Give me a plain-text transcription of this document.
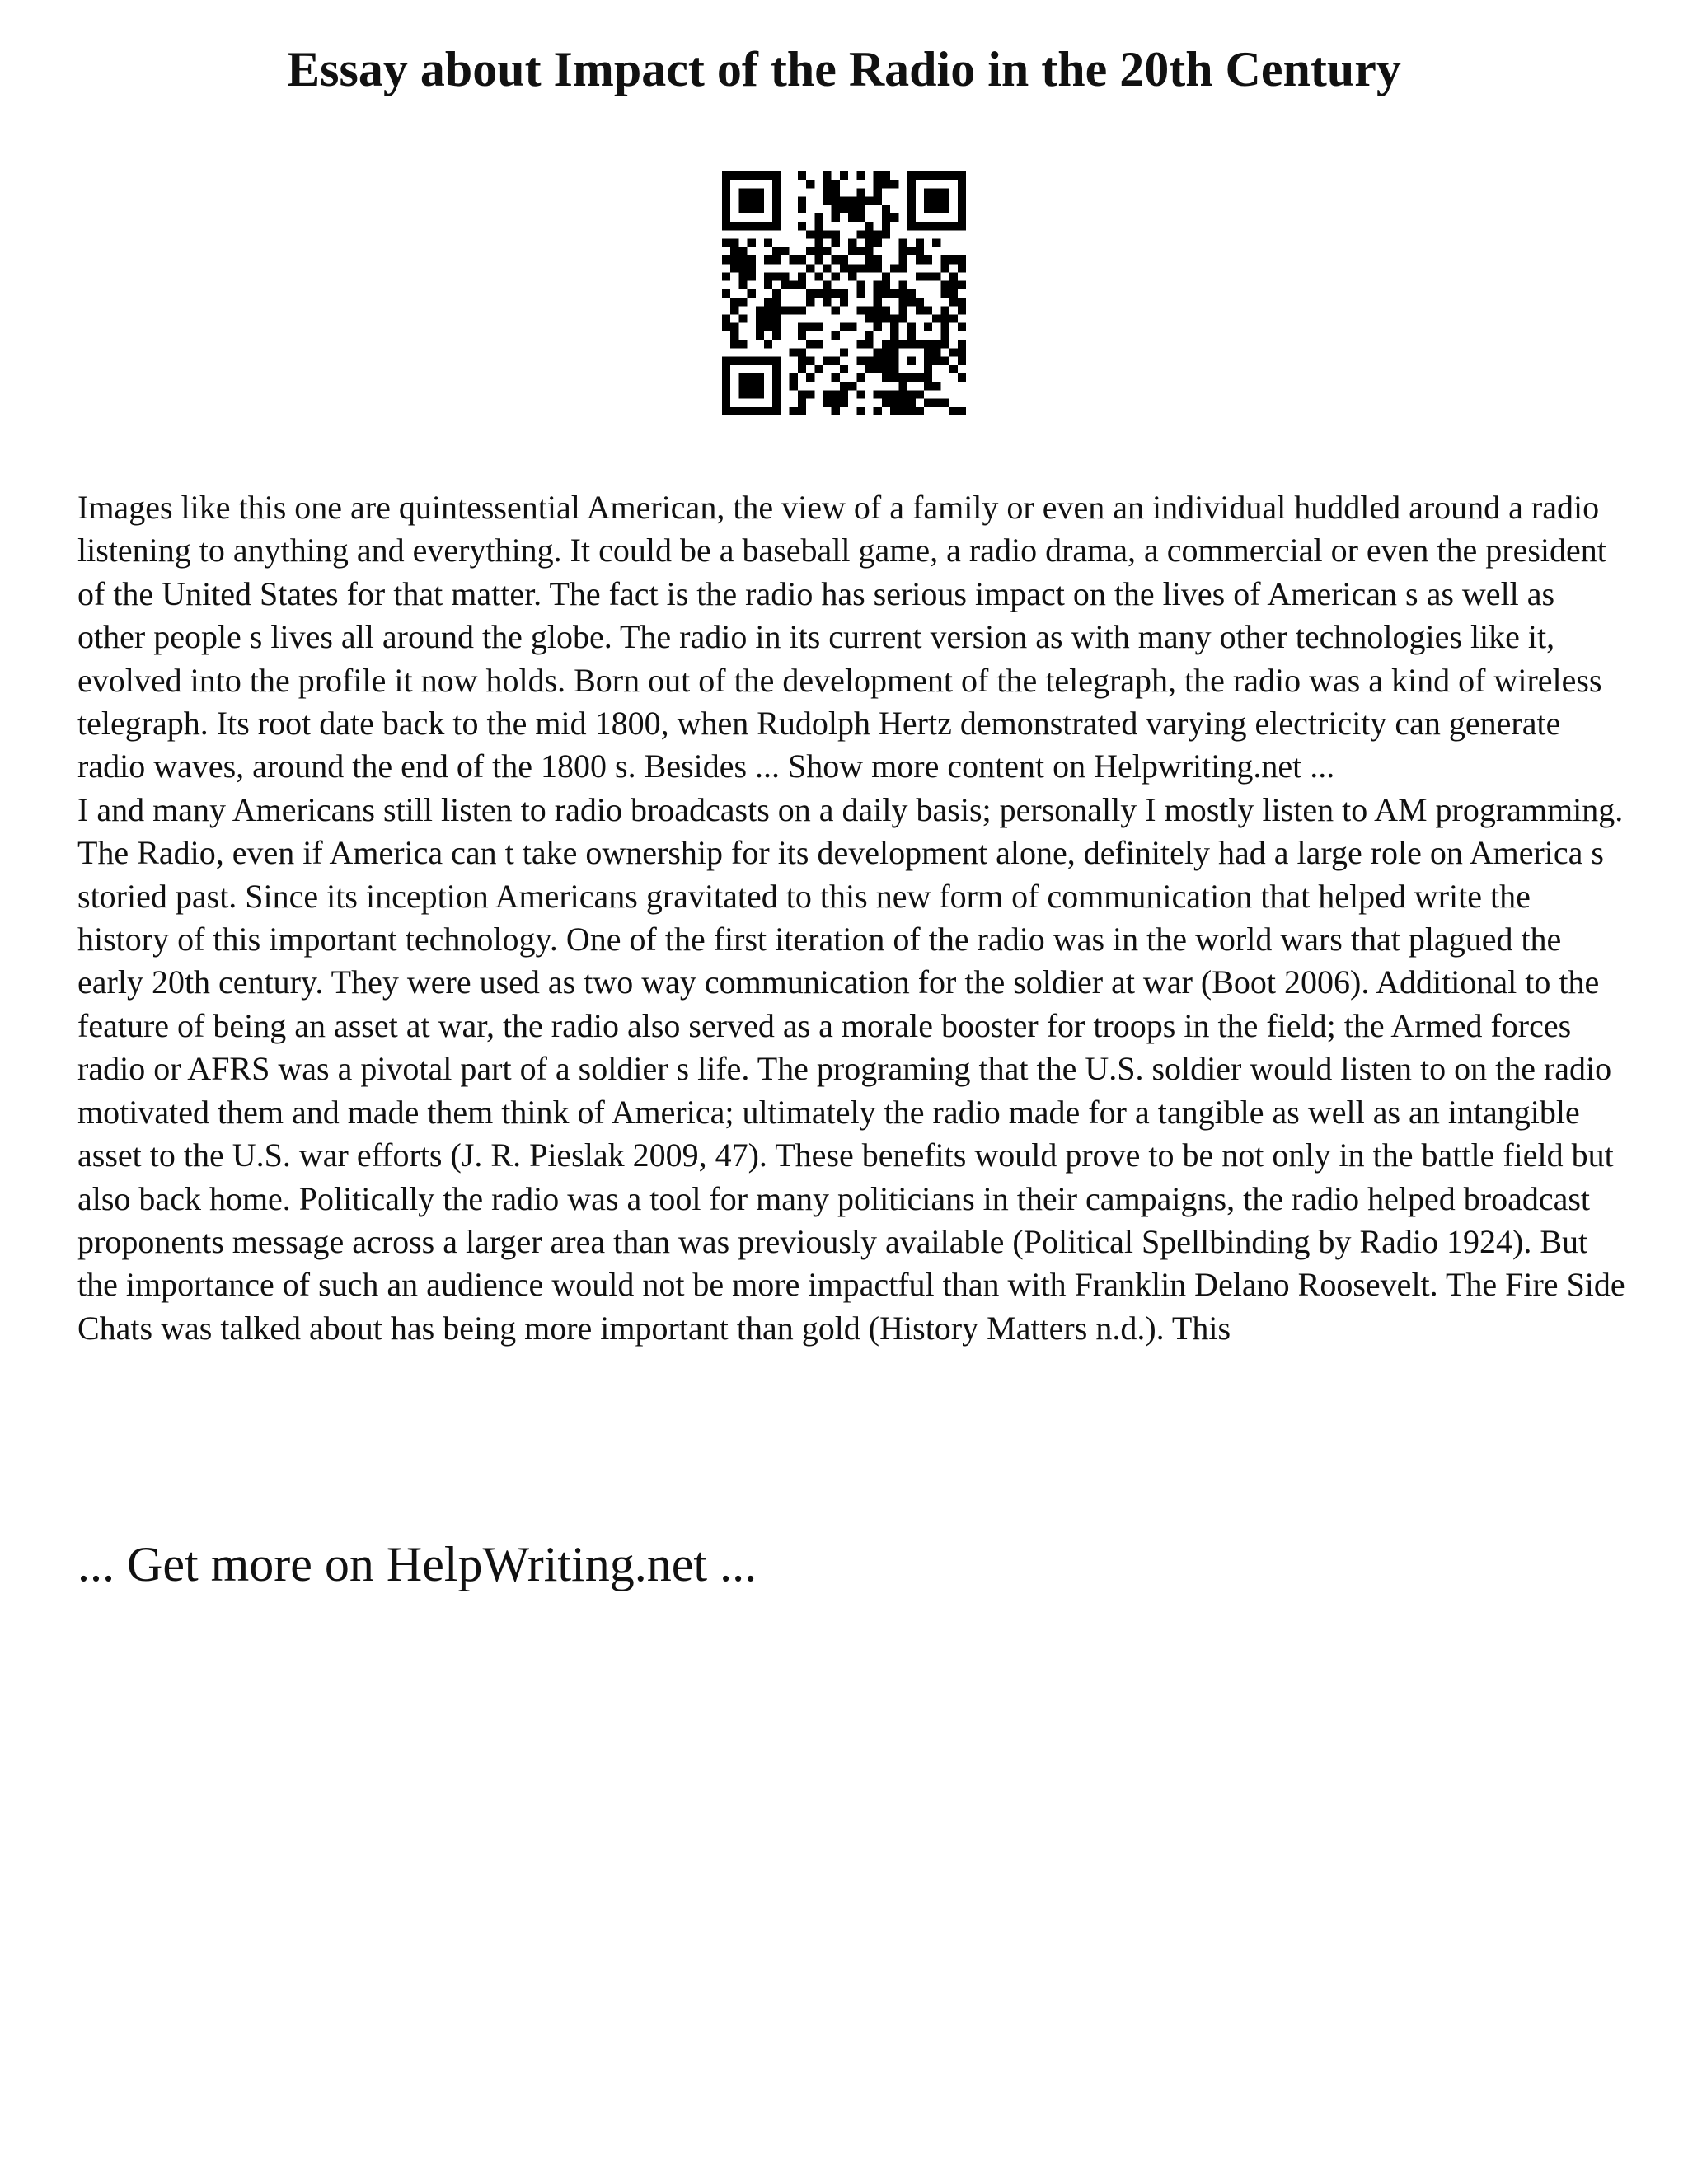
Essay about Impact of the Radio in the 20th Century

Images like this one are quintessential American, the view of a family or even an individual huddled around a radio listening to anything and everything. It could be a baseball game, a radio drama, a commercial or even the president of the United States for that matter. The fact is the radio has serious impact on the lives of American s as well as other people s lives all around the globe. The radio in its current version as with many other technologies like it, evolved into the profile it now holds. Born out of the development of the telegraph, the radio was a kind of wireless telegraph. Its root date back to the mid 1800, when Rudolph Hertz demonstrated varying electricity can generate radio waves, around the end of the 1800 s. Besides ... Show more content on Helpwriting.net ...

I and many Americans still listen to radio broadcasts on a daily basis; personally I mostly listen to AM programming. The Radio, even if America can t take ownership for its development alone, definitely had a large role on America s storied past. Since its inception Americans gravitated to this new form of communication that helped write the history of this important technology. One of the first iteration of the radio was in the world wars that plagued the early 20th century. They were used as two way communication for the soldier at war (Boot 2006). Additional to the feature of being an asset at war, the radio also served as a morale booster for troops in the field; the Armed forces radio or AFRS was a pivotal part of a soldier s life. The programing that the U.S. soldier would listen to on the radio motivated them and made them think of America; ultimately the radio made for a tangible as well as an intangible asset to the U.S. war efforts (J. R. Pieslak 2009, 47). These benefits would prove to be not only in the battle field but also back home. Politically the radio was a tool for many politicians in their campaigns, the radio helped broadcast proponents message across a larger area than was previously available (Political Spellbinding by Radio 1924). But the importance of such an audience would not be more impactful than with Franklin Delano Roosevelt. The Fire Side Chats was talked about has being more important than gold (History Matters n.d.). This

... Get more on HelpWriting.net ...
